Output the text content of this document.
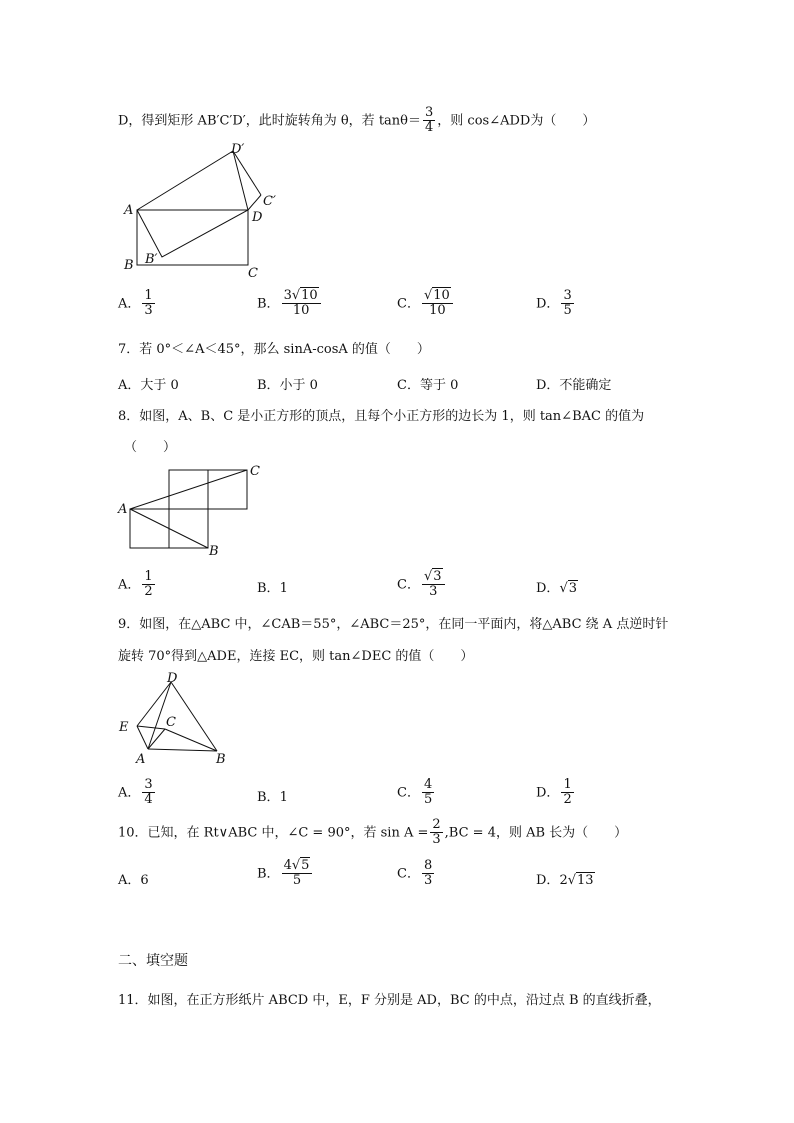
D，得到矩形 AB′C′D′，此时旋转角为 θ，若 $\tan\theta= \frac{3}{4}$ ，则 cos∠ADD为（　　）
A
B
C
D
B′
C′
D′
A． $\frac{1}{3}$	B． $\frac{3√10}{10}$	C． $\frac{√10}{10}$	D． $\frac{3}{5}$
7．若 0°＜∠A＜45°，那么 sinA-cosA 的值（　　）
A．大于 0	B．小于 0	C．等于 0	D．不能确定
8．如图，A、B、C 是小正方形的顶点，且每个小正方形的边长为 1，则 tan∠BAC 的值为
（　　）
A
B
C
A． $\frac{1}{2}$	B．1	C． $\frac{√3}{3}$	D．√3
9．如图，在△ABC 中，∠CAB＝55°，∠ABC＝25°，在同一平面内，将△ABC 绕 A 点逆时针
旋转 70°得到△ADE，连接 EC，则 tan∠DEC 的值（　　）
D
E	C
A	B
A． $\frac{3}{4}$	B．1	C． $\frac{4}{5}$	D． $\frac{1}{2}$
10．已知，在 Rt∨ABC 中，∠C = 90°，若 $\sin A = \frac{2}{3} ,BC = 4$，则 AB 长为（　　）
A．6	B． $\frac{4√5}{5}$	C． $\frac{8}{3}$	D．2√13
二、填空题
11．如图，在正方形纸片 ABCD 中，E，F 分别是 AD，BC 的中点，沿过点 B 的直线折叠，
